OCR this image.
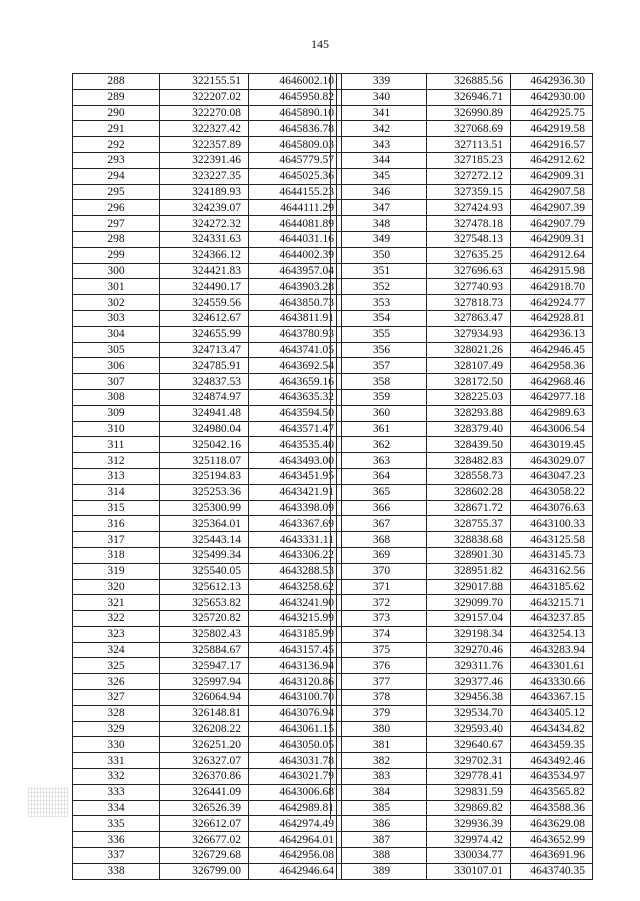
145
288	322155.51	4646002.10
289	322207.02	4645950.82
290	322270.08	4645890.10
291	322327.42	4645836.78
292	322357.89	4645809.03
293	322391.46	4645779.57
294	323227.35	4645025.36
295	324189.93	4644155.23
296	324239.07	4644111.29
297	324272.32	4644081.89
298	324331.63	4644031.16
299	324366.12	4644002.39
300	324421.83	4643957.04
301	324490.17	4643903.28
302	324559.56	4643850.73
303	324612.67	4643811.91
304	324655.99	4643780.93
305	324713.47	4643741.05
306	324785.91	4643692.54
307	324837.53	4643659.16
308	324874.97	4643635.32
309	324941.48	4643594.50
310	324980.04	4643571.47
311	325042.16	4643535.40
312	325118.07	4643493.00
313	325194.83	4643451.95
314	325253.36	4643421.91
315	325300.99	4643398.09
316	325364.01	4643367.69
317	325443.14	4643331.11
318	325499.34	4643306.22
319	325540.05	4643288.53
320	325612.13	4643258.62
321	325653.82	4643241.90
322	325720.82	4643215.99
323	325802.43	4643185.99
324	325884.67	4643157.45
325	325947.17	4643136.94
326	325997.94	4643120.86
327	326064.94	4643100.70
328	326148.81	4643076.94
329	326208.22	4643061.15
330	326251.20	4643050.05
331	326327.07	4643031.78
332	326370.86	4643021.79
333	326441.09	4643006.68
334	326526.39	4642989.81
335	326612.07	4642974.49
336	326677.02	4642964.01
337	326729.68	4642956.08
338	326799.00	4642946.64
339	326885.56	4642936.30
340	326946.71	4642930.00
341	326990.89	4642925.75
342	327068.69	4642919.58
343	327113.51	4642916.57
344	327185.23	4642912.62
345	327272.12	4642909.31
346	327359.15	4642907.58
347	327424.93	4642907.39
348	327478.18	4642907.79
349	327548.13	4642909.31
350	327635.25	4642912.64
351	327696.63	4642915.98
352	327740.93	4642918.70
353	327818.73	4642924.77
354	327863.47	4642928.81
355	327934.93	4642936.13
356	328021.26	4642946.45
357	328107.49	4642958.36
358	328172.50	4642968.46
359	328225.03	4642977.18
360	328293.88	4642989.63
361	328379.40	4643006.54
362	328439.50	4643019.45
363	328482.83	4643029.07
364	328558.73	4643047.23
365	328602.28	4643058.22
366	328671.72	4643076.63
367	328755.37	4643100.33
368	328838.68	4643125.58
369	328901.30	4643145.73
370	328951.82	4643162.56
371	329017.88	4643185.62
372	329099.70	4643215.71
373	329157.04	4643237.85
374	329198.34	4643254.13
375	329270.46	4643283.94
376	329311.76	4643301.61
377	329377.46	4643330.66
378	329456.38	4643367.15
379	329534.70	4643405.12
380	329593.40	4643434.82
381	329640.67	4643459.35
382	329702.31	4643492.46
383	329778.41	4643534.97
384	329831.59	4643565.82
385	329869.82	4643588.36
386	329936.39	4643629.08
387	329974.42	4643652.99
388	330034.77	4643691.96
389	330107.01	4643740.35
